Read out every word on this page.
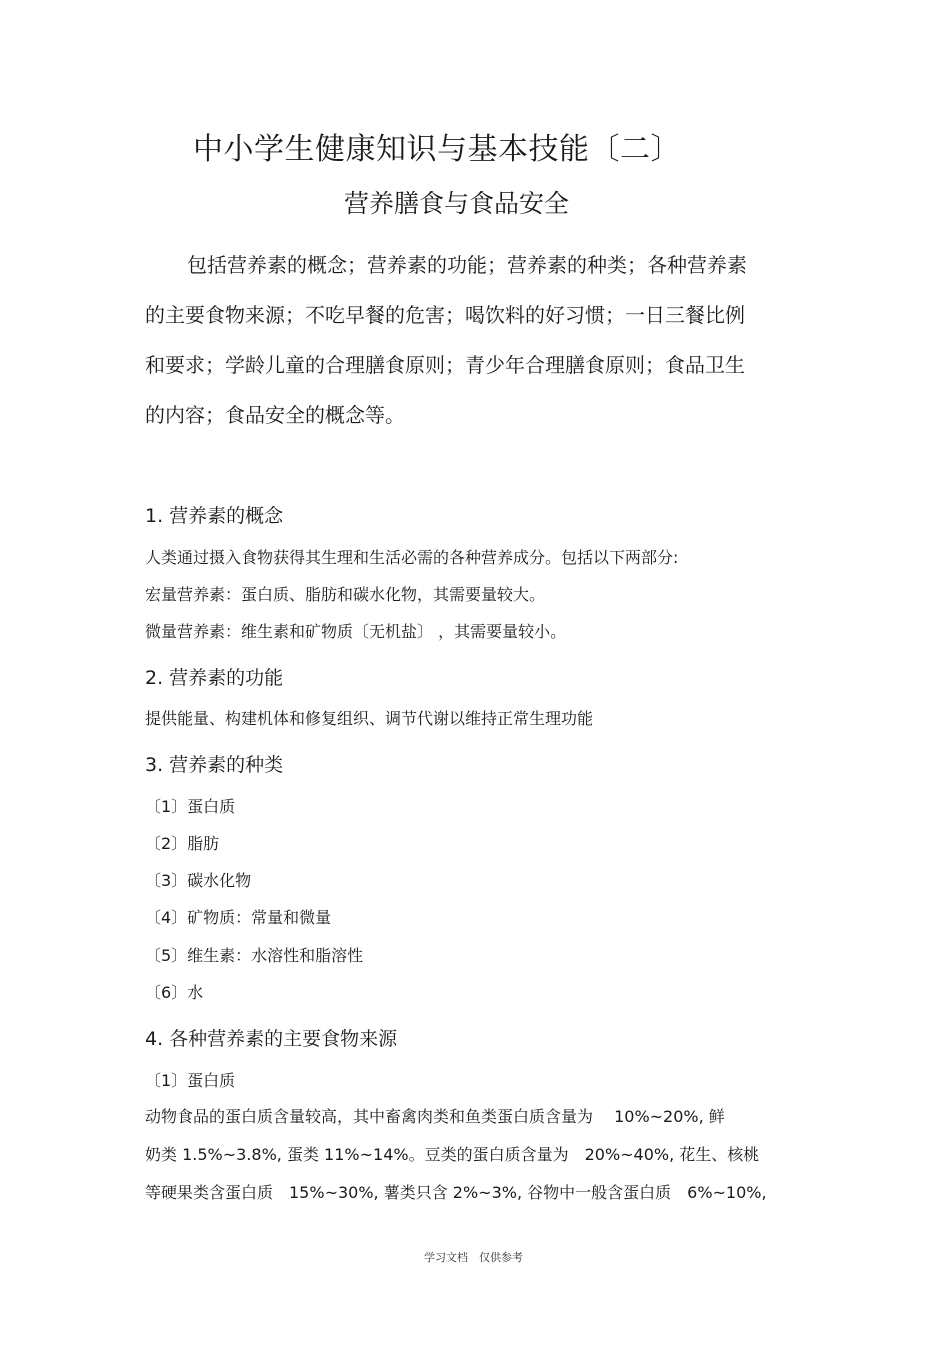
中小学生健康知识与基本技能〔二〕
营养膳食与食品安全
包括营养素的概念；营养素的功能；营养素的种类；各种营养素
的主要食物来源；不吃早餐的危害；喝饮料的好习惯；一日三餐比例
和要求；学龄儿童的合理膳食原则；青少年合理膳食原则；食品卫生
的内容；食品安全的概念等。
1. 营养素的概念
人类通过摄入食物获得其生理和生活必需的各种营养成分。包括以下两部分:
宏量营养素：蛋白质、脂肪和碳水化物，其需要量较大。
微量营养素：维生素和矿物质〔无机盐〕 ，其需要量较小。
2. 营养素的功能
提供能量、构建机体和修复组织、调节代谢以维持正常生理功能
3. 营养素的种类
〔1〕蛋白质
〔2〕脂肪
〔3〕碳水化物
〔4〕矿物质：常量和微量
〔5〕维生素：水溶性和脂溶性
〔6〕水
4. 各种营养素的主要食物来源
〔1〕蛋白质
动物食品的蛋白质含量较高，其中畜禽肉类和鱼类蛋白质含量为　 10%~20%, 鲜
奶类 1.5%~3.8%, 蛋类 11%~14%。豆类的蛋白质含量为　20%~40%, 花生、核桃
等硬果类含蛋白质　15%~30%, 薯类只含 2%~3%, 谷物中一般含蛋白质　6%~10%,
学习文档　仅供参考
